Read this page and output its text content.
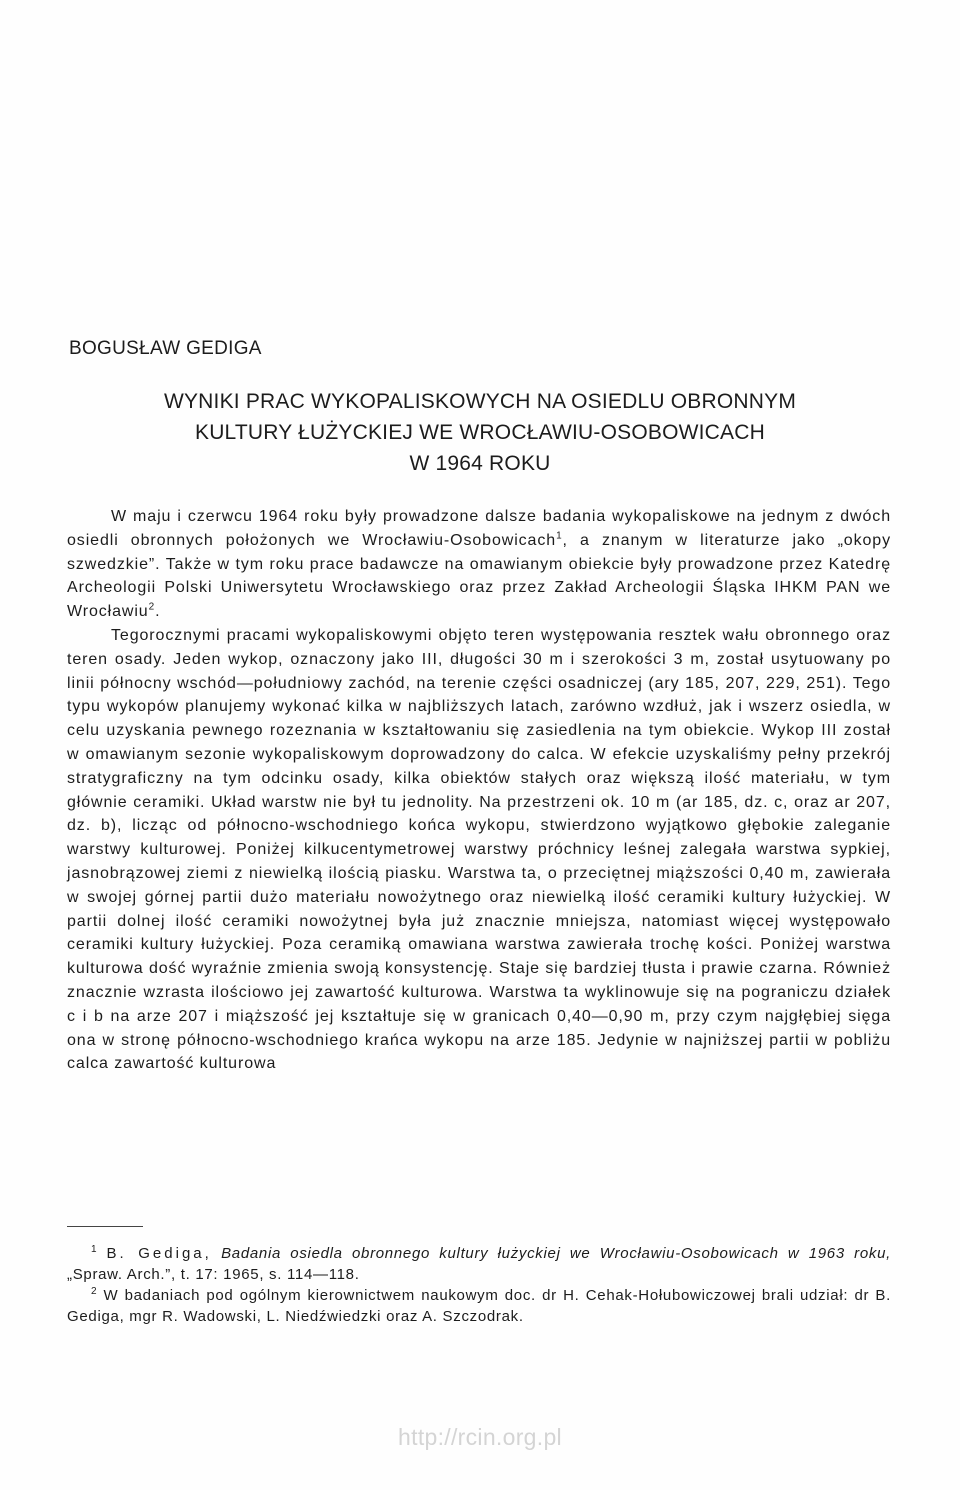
BOGUSŁAW GEDIGA
WYNIKI PRAC WYKOPALISKOWYCH NA OSIEDLU OBRONNYM
KULTURY ŁUŻYCKIEJ WE WROCŁAWIU-OSOBOWICACH
W 1964 ROKU

W maju i czerwcu 1964 roku były prowadzone dalsze badania wykopaliskowe na jednym z dwóch osiedli obronnych położonych we Wrocławiu-Osobowicach$^1$, a znanym w literaturze jako „okopy szwedzkie”. Także w tym roku prace badawcze na omawianym obiekcie były prowadzone przez Katedrę Archeologii Polski Uniwersytetu Wrocławskiego oraz przez Zakład Archeologii Śląska IHKM PAN we Wrocławiu$^2$.

Tegorocznymi pracami wykopaliskowymi objęto teren występowania resztek wału obronnego oraz teren osady. Jeden wykop, oznaczony jako III, długości 30 m i szerokości 3 m, został usytuowany po linii północny wschód—południowy zachód, na terenie części osadniczej (ary 185, 207, 229, 251). Tego typu wykopów planujemy wykonać kilka w najbliższych latach, zarówno wzdłuż, jak i wszerz osiedla, w celu uzyskania pewnego rozeznania w kształtowaniu się zasiedlenia na tym obiekcie. Wykop III został w omawianym sezonie wykopaliskowym doprowadzony do calca. W efekcie uzyskaliśmy pełny przekrój stratygraficzny na tym odcinku osady, kilka obiektów stałych oraz większą ilość materiału, w tym głównie ceramiki. Układ warstw nie był tu jednolity. Na przestrzeni ok. 10 m (ar 185, dz. c, oraz ar 207, dz. b), licząc od północno-wschodniego końca wykopu, stwierdzono wyjątkowo głębokie zaleganie warstwy kulturowej. Poniżej kilkucentymetrowej warstwy próchnicy leśnej zalegała warstwa sypkiej, jasnobrązowej ziemi z niewielką ilością piasku. Warstwa ta, o przeciętnej miąższości 0,40 m, zawierała w swojej górnej partii dużo materiału nowożytnego oraz niewielką ilość ceramiki kultury łużyckiej. W partii dolnej ilość ceramiki nowożytnej była już znacznie mniejsza, natomiast więcej występowało ceramiki kultury łużyckiej. Poza ceramiką omawiana warstwa zawierała trochę kości. Poniżej warstwa kulturowa dość wyraźnie zmienia swoją konsystencję. Staje się bardziej tłusta i prawie czarna. Również znacznie wzrasta ilościowo jej zawartość kulturowa. Warstwa ta wyklinowuje się na pograniczu działek c i b na arze 207 i miąższość jej kształtuje się w granicach 0,40—0,90 m, przy czym najgłębiej sięga ona w stronę północno-wschodniego krańca wykopu na arze 185. Jedynie w najniższej partii w pobliżu calca zawartość kulturowa

$^1$ B. Gediga, Badania osiedla obronnego kultury łużyckiej we Wrocławiu-Osobowicach w 1963 roku, „Spraw. Arch.”, t. 17: 1965, s. 114—118.

$^2$ W badaniach pod ogólnym kierownictwem naukowym doc. dr H. Cehak-Hołubowiczowej brali udział: dr B. Gediga, mgr R. Wadowski, L. Niedźwiedzki oraz A. Szczodrak.

http://rcin.org.pl
